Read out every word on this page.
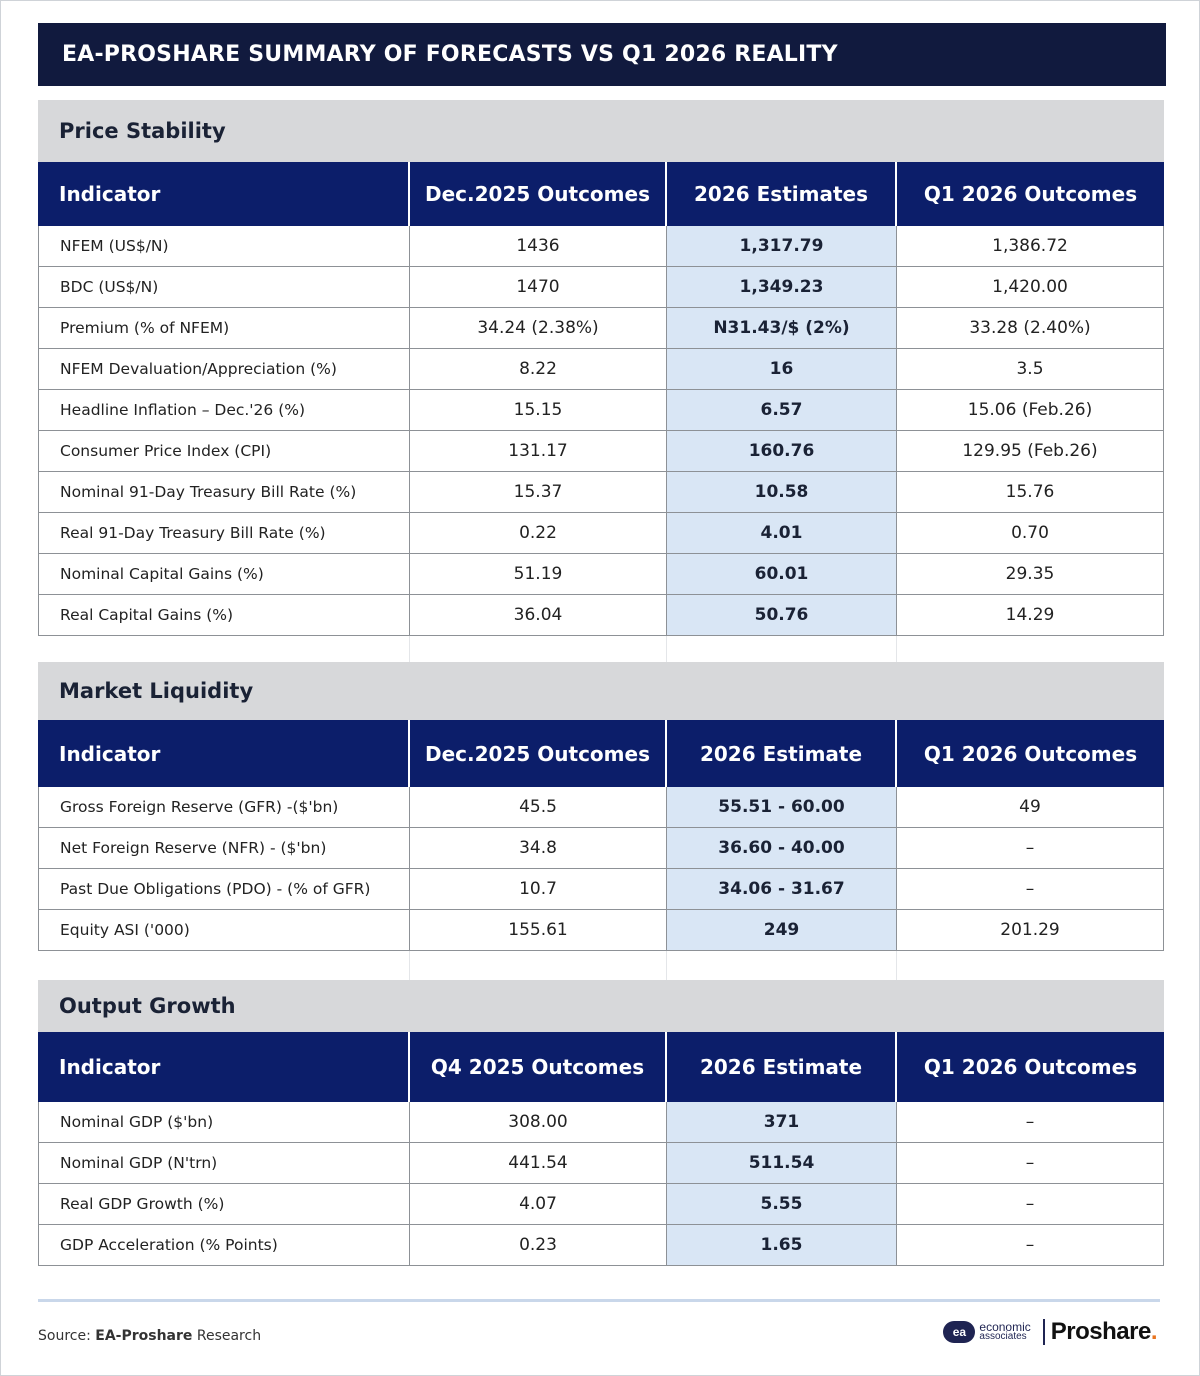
EA-PROSHARE SUMMARY OF FORECASTS VS Q1 2026 REALITY
Price Stability
Indicator	Dec.2025 Outcomes	2026 Estimates	Q1 2026 Outcomes
NFEM (US$/N)	1436	1,317.79	1,386.72
BDC (US$/N)	1470	1,349.23	1,420.00
Premium (% of NFEM)	34.24 (2.38%)	N31.43/$ (2%)	33.28 (2.40%)
NFEM Devaluation/Appreciation (%)	8.22	16	3.5
Headline Inflation – Dec.'26 (%)	15.15	6.57	15.06 (Feb.26)
Consumer Price Index (CPI)	131.17	160.76	129.95 (Feb.26)
Nominal 91-Day Treasury Bill Rate (%)	15.37	10.58	15.76
Real 91-Day Treasury Bill Rate (%)	0.22	4.01	0.70
Nominal Capital Gains (%)	51.19	60.01	29.35
Real Capital Gains (%)	36.04	50.76	14.29
Market Liquidity
Indicator	Dec.2025 Outcomes	2026 Estimate	Q1 2026 Outcomes
Gross Foreign Reserve (GFR) -($'bn)	45.5	55.51 - 60.00	49
Net Foreign Reserve (NFR) - ($'bn)	34.8	36.60 - 40.00	–
Past Due Obligations (PDO) - (% of GFR)	10.7	34.06 - 31.67	–
Equity ASI ('000)	155.61	249	201.29
Output Growth
Indicator	Q4 2025 Outcomes	2026 Estimate	Q1 2026 Outcomes
Nominal GDP ($'bn)	308.00	371	–
Nominal GDP (N'trn)	441.54	511.54	–
Real GDP Growth (%)	4.07	5.55	–
GDP Acceleration (% Points)	0.23	1.65	–
Source: EA-Proshare Research	ea	economic
associates Proshare.
